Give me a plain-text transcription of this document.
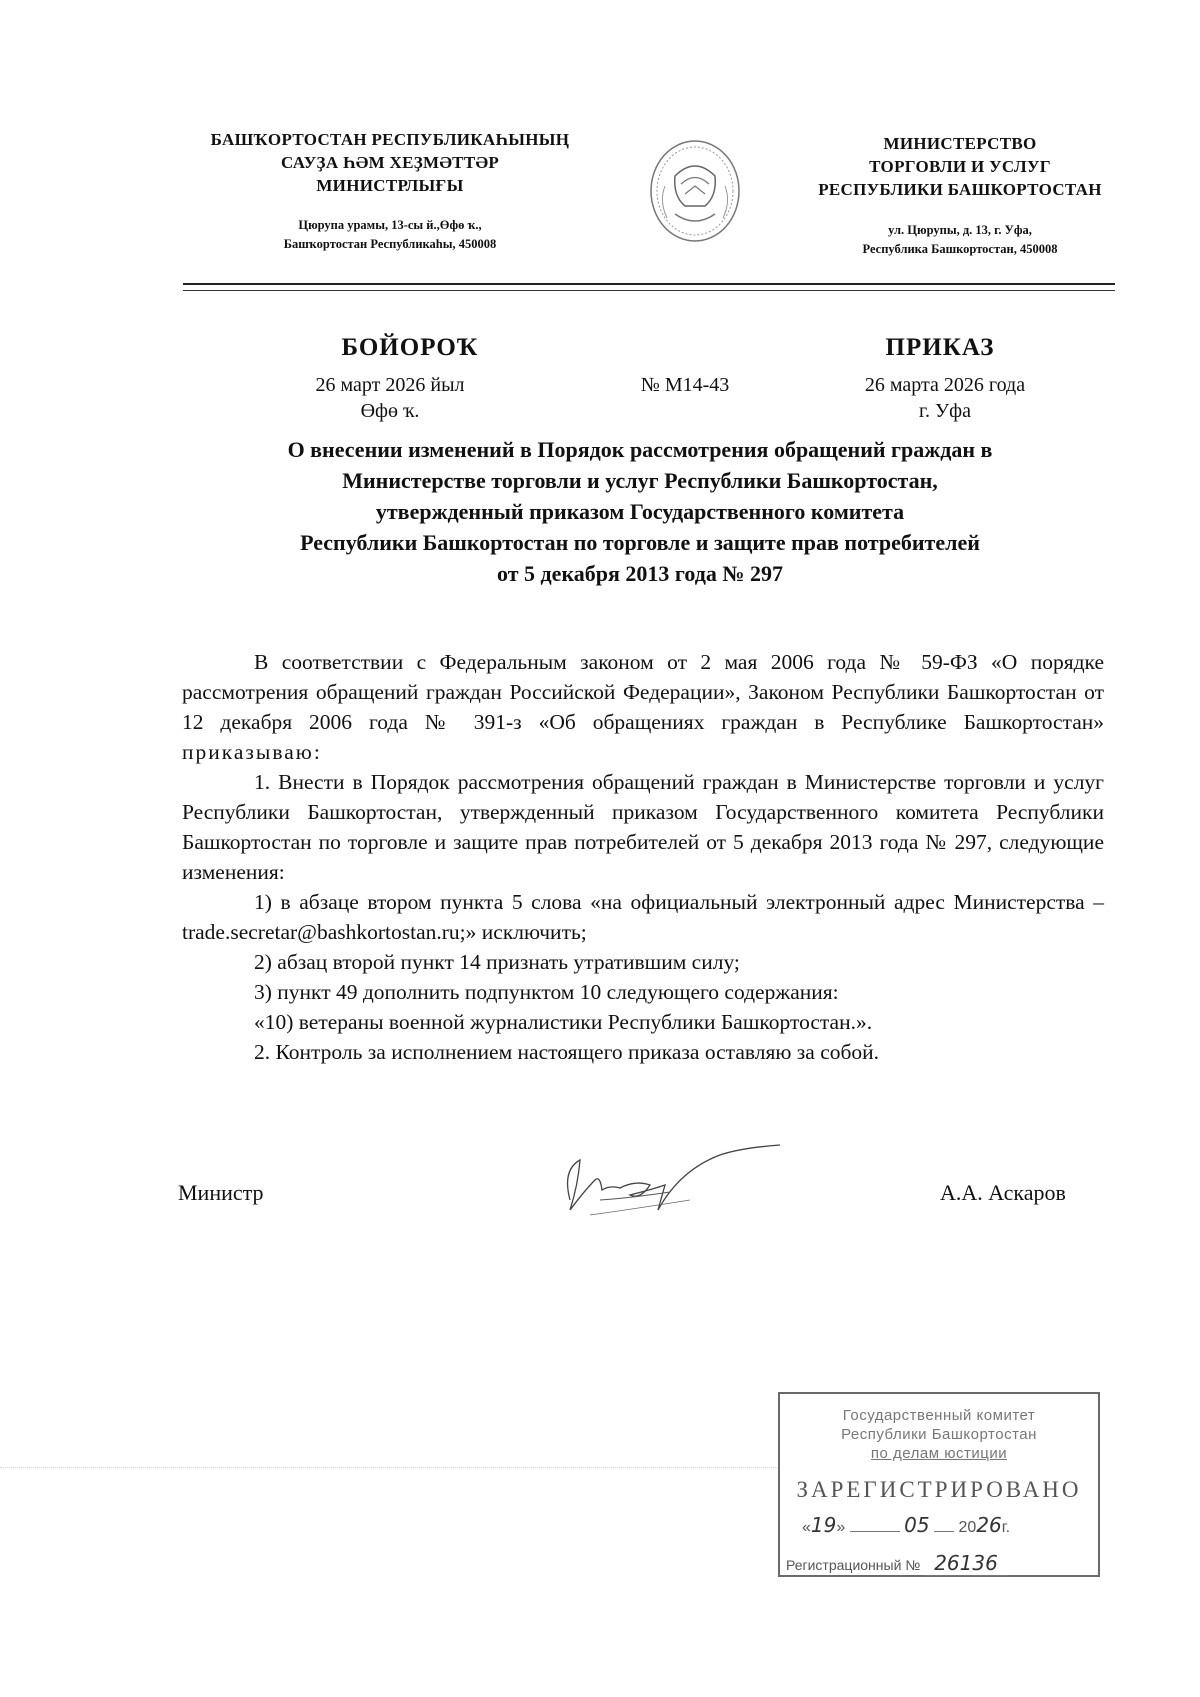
БАШҠОРТОСТАН РЕСПУБЛИКАҺЫНЫҢ
САУҘА ҺӘМ ХЕҘМӘТТӘР
МИНИСТРЛЫҒЫ
Цюрупа урамы, 13-сы й.,Өфө ҡ.,
Башҡортостан Республикаһы, 450008
МИНИСТЕРСТВО
ТОРГОВЛИ И УСЛУГ
РЕСПУБЛИКИ БАШКОРТОСТАН
ул. Цюрупы, д. 13, г. Уфа,
Республика Башкортостан, 450008
БОЙОРОҠ	ПРИКАЗ
26 март 2026 йыл
Өфө ҡ.
№ М14-43	26 марта 2026 года
г. Уфа
О внесении изменений в Порядок рассмотрения обращений граждан в
Министерстве торговли и услуг Республики Башкортостан,
утвержденный приказом Государственного комитета
Республики Башкортостан по торговле и защите прав потребителей
от 5 декабря 2013 года № 297

В соответствии с Федеральным законом от 2 мая 2006 года № 59-ФЗ «О порядке рассмотрения обращений граждан Российской Федерации», Законом Республики Башкортостан от 12 декабря 2006 года № 391-з «Об обращениях граждан в Республике Башкортостан» приказываю:

1. Внести в Порядок рассмотрения обращений граждан в Министерстве торговли и услуг Республики Башкортостан, утвержденный приказом Государственного комитета Республики Башкортостан по торговле и защите прав потребителей от 5 декабря 2013 года № 297, следующие изменения:

1) в абзаце втором пункта 5 слова «на официальный электронный адрес Министерства – trade.secretar@bashkortostan.ru;» исключить;

2) абзац второй пункт 14 признать утратившим силу;

3) пункт 49 дополнить подпунктом 10 следующего содержания:

«10) ветераны военной журналистики Республики Башкортостан.».

2. Контроль за исполнением настоящего приказа оставляю за собой.

Министр	А.А. Аскаров
Государственный комитет
Республики Башкортостан
по делам юстиции
ЗАРЕГИСТРИРОВАНО
«19»	05 2026г.
Регистрационный № 26136
